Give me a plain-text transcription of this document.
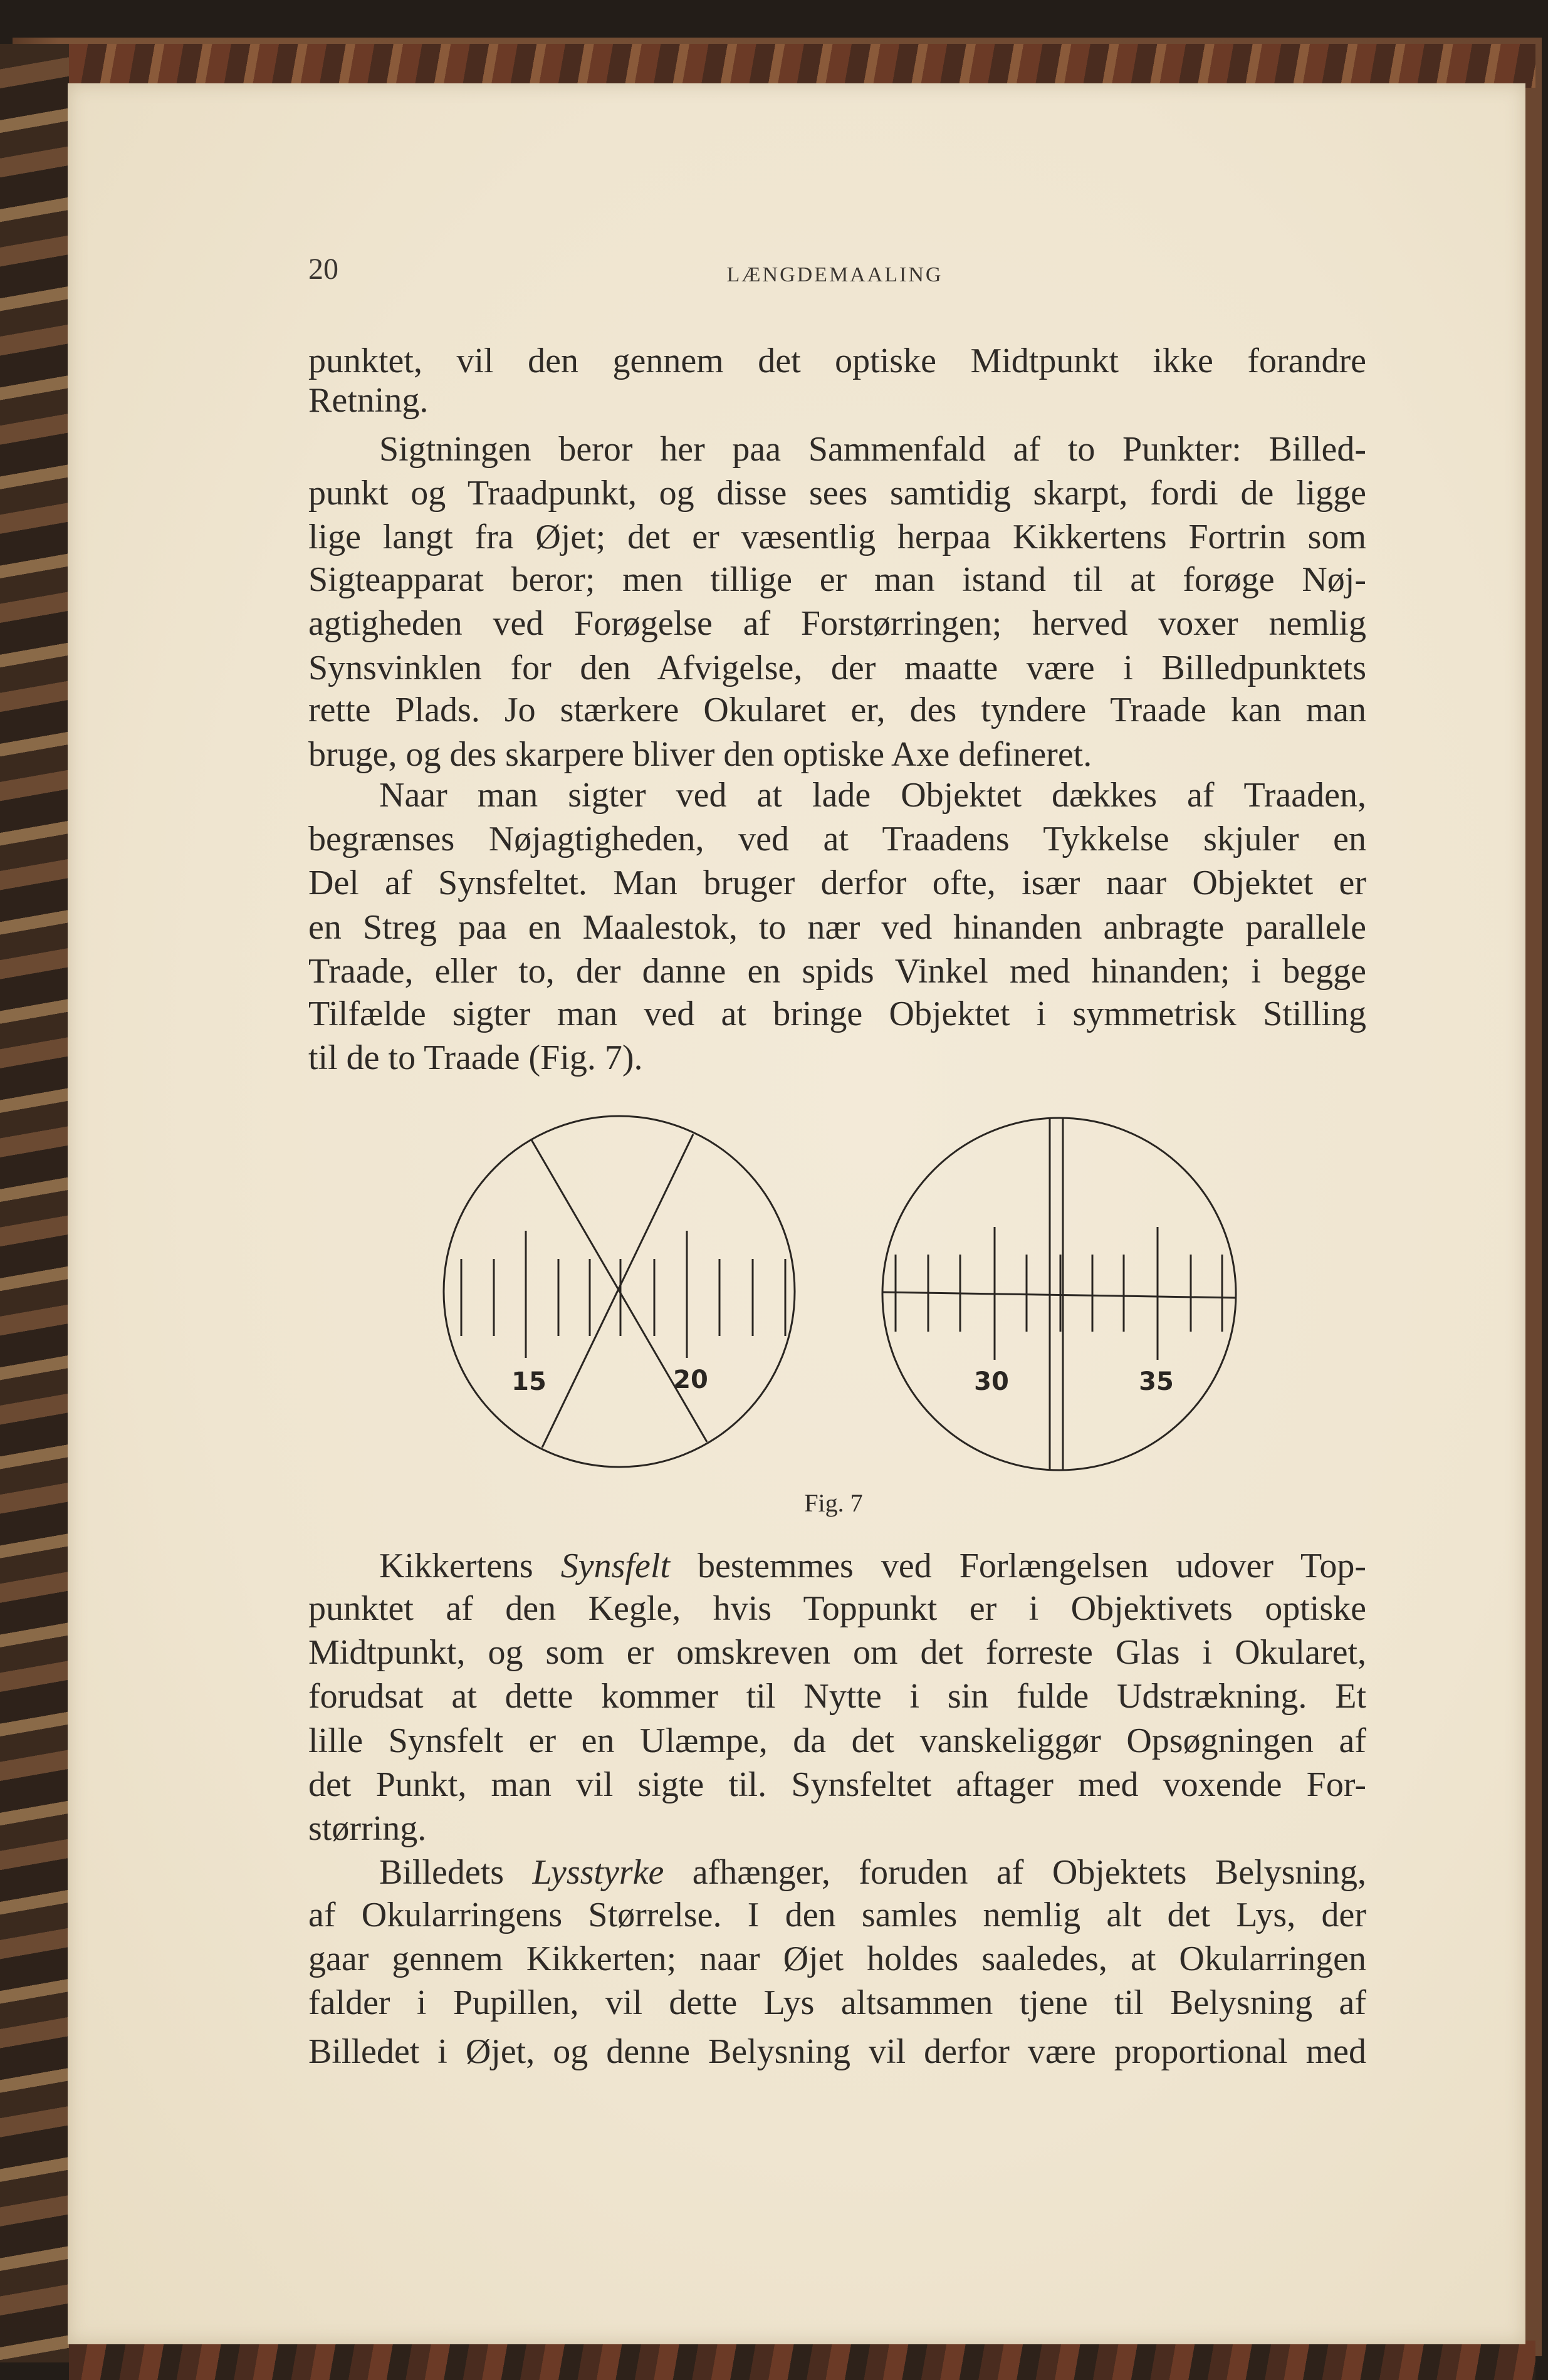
20	LÆNGDEMAALING
punktet, vil den gennem det optiske Midtpunkt ikke forandre
Retning.
Sigtningen beror her paa Sammenfald af to Punkter: Billed-
punkt og Traadpunkt, og disse sees samtidig skarpt, fordi de ligge
lige langt fra Øjet; det er væsentlig herpaa Kikkertens Fortrin som
Sigteapparat beror; men tillige er man istand til at forøge Nøj-
agtigheden ved Forøgelse af Forstørringen; herved voxer nemlig
Synsvinklen for den Afvigelse, der maatte være i Billedpunktets
rette Plads. Jo stærkere Okularet er, des tyndere Traade kan man
bruge, og des skarpere bliver den optiske Axe defineret.
Naar man sigter ved at lade Objektet dækkes af Traaden,
begrænses Nøjagtigheden, ved at Traadens Tykkelse skjuler en
Del af Synsfeltet. Man bruger derfor ofte, især naar Objektet er
en Streg paa en Maalestok, to nær ved hinanden anbragte parallele
Traade, eller to, der danne en spids Vinkel med hinanden; i begge
Tilfælde sigter man ved at bringe Objektet i symmetrisk Stilling
til de to Traade (Fig. 7).
15	20	30	35
Fig. 7
Kikkertens Synsfelt bestemmes ved Forlængelsen udover Top-
punktet af den Kegle, hvis Toppunkt er i Objektivets optiske
Midtpunkt, og som er omskreven om det forreste Glas i Okularet,
forudsat at dette kommer til Nytte i sin fulde Udstrækning. Et
lille Synsfelt er en Ulæmpe, da det vanskeliggør Opsøgningen af
det Punkt, man vil sigte til. Synsfeltet aftager med voxende For-
størring.
Billedets Lysstyrke afhænger, foruden af Objektets Belysning,
af Okularringens Størrelse. I den samles nemlig alt det Lys, der
gaar gennem Kikkerten; naar Øjet holdes saaledes, at Okularringen
falder i Pupillen, vil dette Lys altsammen tjene til Belysning af
Billedet i Øjet, og denne Belysning vil derfor være proportional med
